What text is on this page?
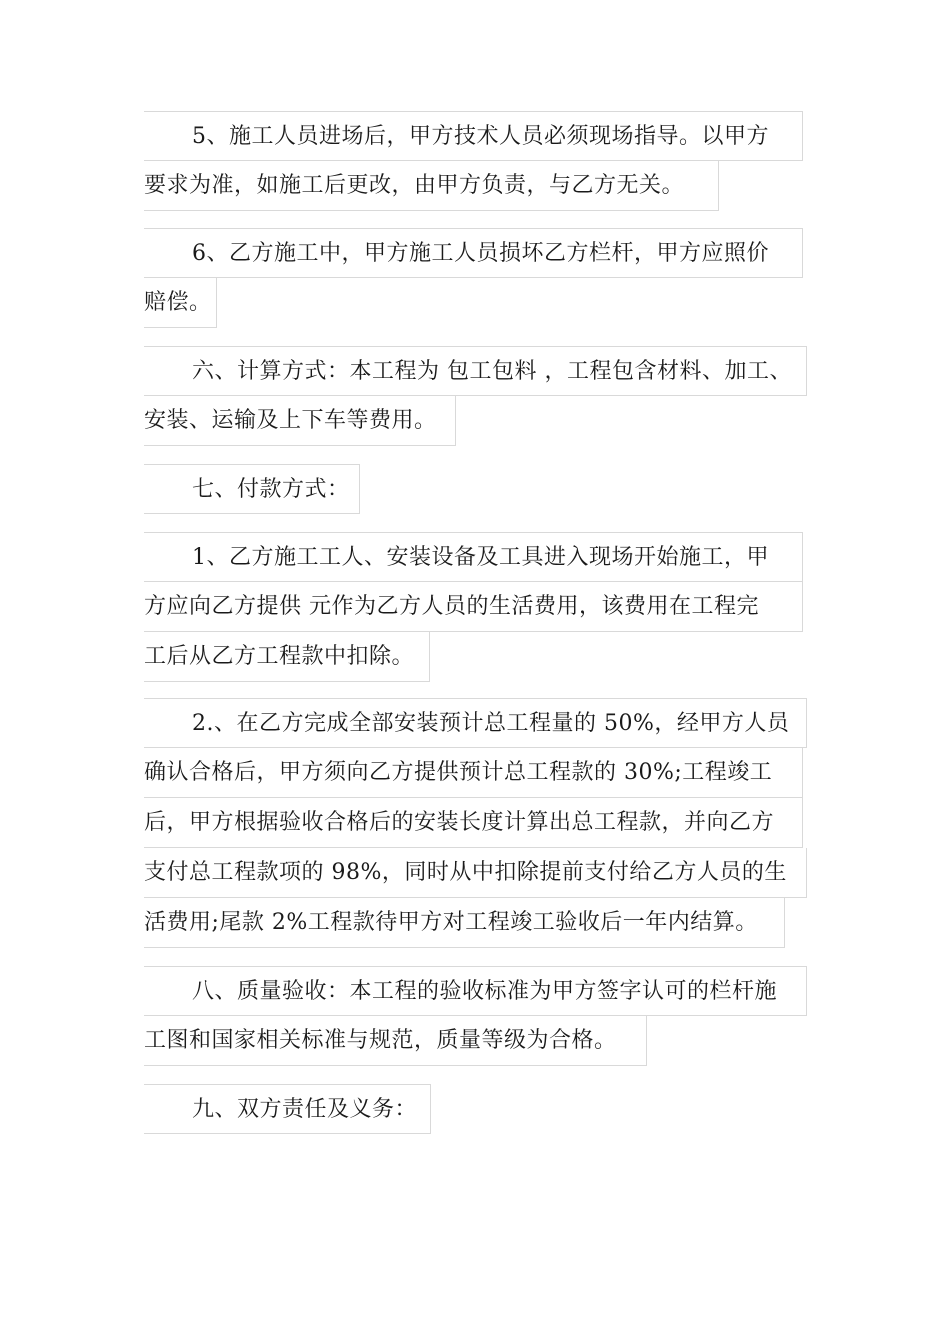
5、施工人员进场后，甲方技术人员必须现场指导。以甲方
要求为准，如施工后更改，由甲方负责，与乙方无关。
6、乙方施工中，甲方施工人员损坏乙方栏杆，甲方应照价
赔偿。
六、计算方式：本工程为 包工包料 ，工程包含材料、加工、
安装、运输及上下车等费用。
七、付款方式：
1、乙方施工工人、安装设备及工具进入现场开始施工，甲
方应向乙方提供 元作为乙方人员的生活费用，该费用在工程完
工后从乙方工程款中扣除。
2.、在乙方完成全部安装预计总工程量的 50%，经甲方人员
确认合格后，甲方须向乙方提供预计总工程款的 30%;工程竣工
后，甲方根据验收合格后的安装长度计算出总工程款，并向乙方
支付总工程款项的 98%，同时从中扣除提前支付给乙方人员的生
活费用;尾款 2%工程款待甲方对工程竣工验收后一年内结算。
八、质量验收：本工程的验收标准为甲方签字认可的栏杆施
工图和国家相关标准与规范，质量等级为合格。
九、双方责任及义务：
